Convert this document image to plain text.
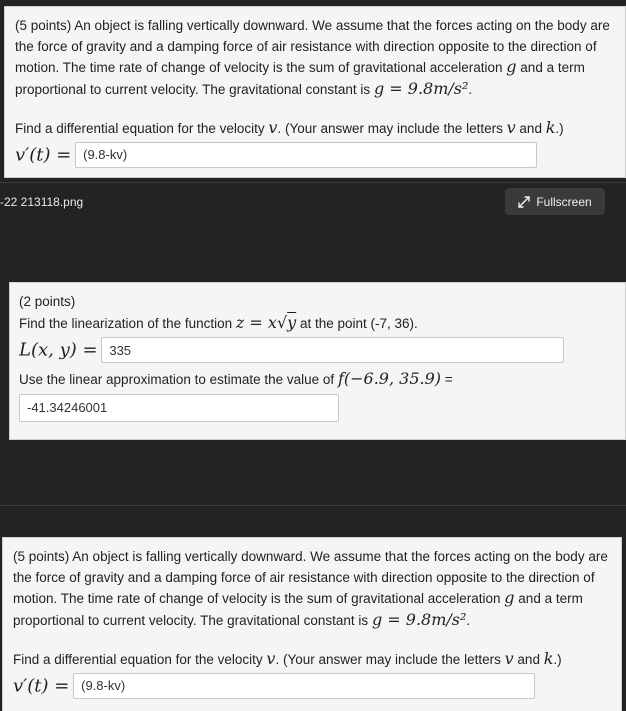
(5 points) An object is falling vertically downward. We assume that the forces acting on the body are the force of gravity and a damping force of air resistance with direction opposite to the direction of motion. The time rate of change of velocity is the sum of gravitational acceleration g and a term proportional to current velocity. The gravitational constant is g = 9.8m/s².

Find a differential equation for the velocity v. (Your answer may include the letters v and k.)

v′(t) = (9.8-kv)
-22 213118.png	Fullscreen

(2 points)

Find the linearization of the function z = x√y at the point (-7, 36).

L(x, y) = 335

Use the linear approximation to estimate the value of f(−6.9, 35.9) =

-41.34246001

(5 points) An object is falling vertically downward. We assume that the forces acting on the body are the force of gravity and a damping force of air resistance with direction opposite to the direction of motion. The time rate of change of velocity is the sum of gravitational acceleration g and a term proportional to current velocity. The gravitational constant is g = 9.8m/s².

Find a differential equation for the velocity v. (Your answer may include the letters v and k.)

v′(t) = (9.8-kv)
